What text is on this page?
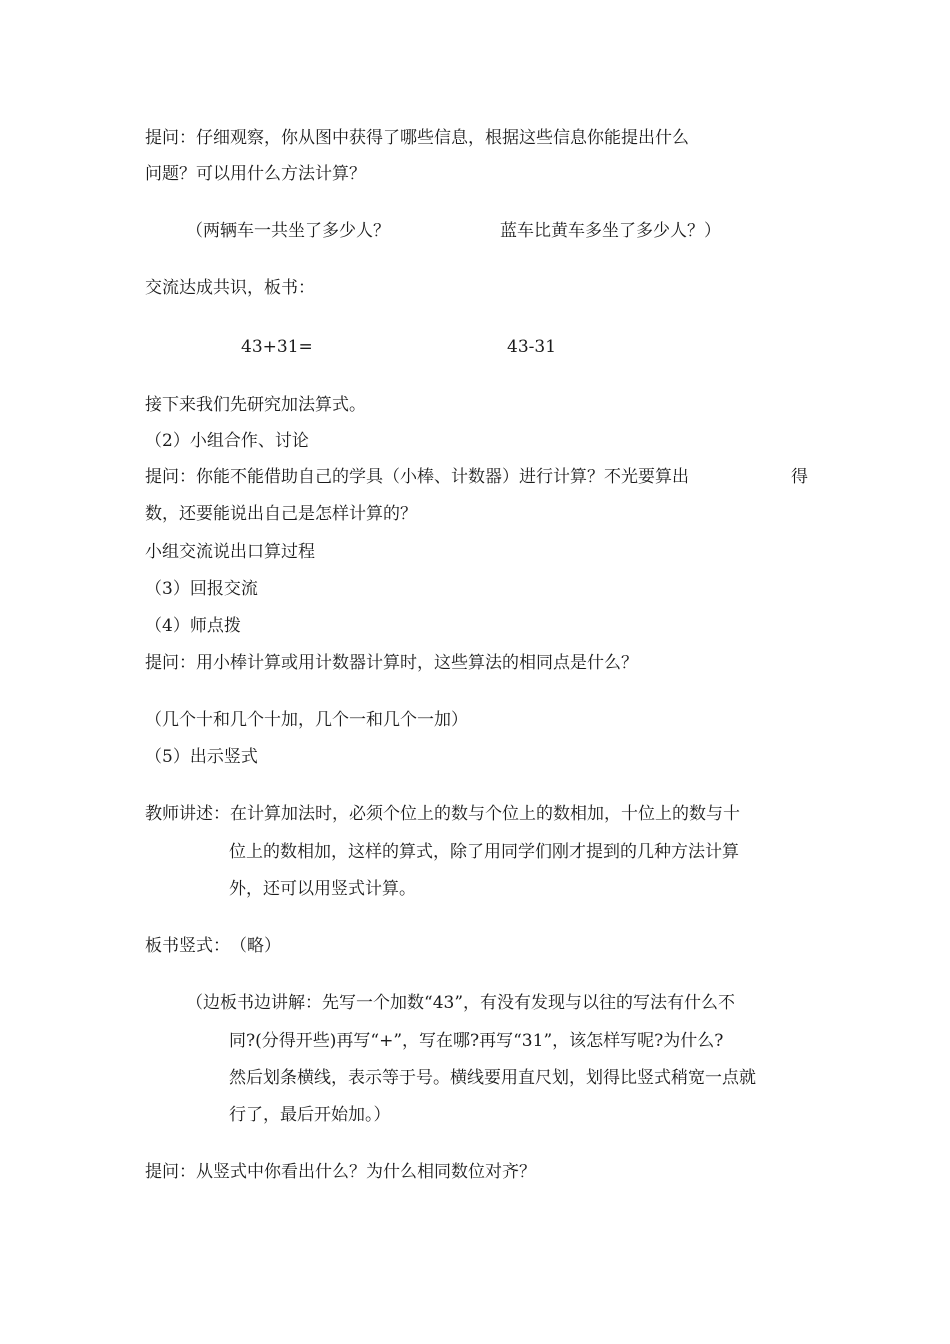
提问：仔细观察，你从图中获得了哪些信息，根据这些信息你能提出什么
问题？可以用什么方法计算？
（两辆车一共坐了多少人？	蓝车比黄车多坐了多少人？）
交流达成共识，板书：
43+31=	43-31
接下来我们先研究加法算式。
（2）小组合作、讨论
提问：你能不能借助自己的学具（小棒、计数器）进行计算？不光要算出	得
数，还要能说出自己是怎样计算的？
小组交流说出口算过程
（3）回报交流
（4）师点拨
提问：用小棒计算或用计数器计算时，这些算法的相同点是什么？
（几个十和几个十加，几个一和几个一加）
（5）出示竖式
教师讲述：在计算加法时，必须个位上的数与个位上的数相加，十位上的数与十
位上的数相加，这样的算式，除了用同学们刚才提到的几种方法计算
外，还可以用竖式计算。
板书竖式：　（略）
（边板书边讲解：先写一个加数“43”，有没有发现与以往的写法有什么不
同?(分得开些)再写“+”，写在哪?再写“31”，该怎样写呢?为什么?
然后划条横线，表示等于号。横线要用直尺划，划得比竖式稍宽一点就
行了，最后开始加。）
提问：从竖式中你看出什么？为什么相同数位对齐？
